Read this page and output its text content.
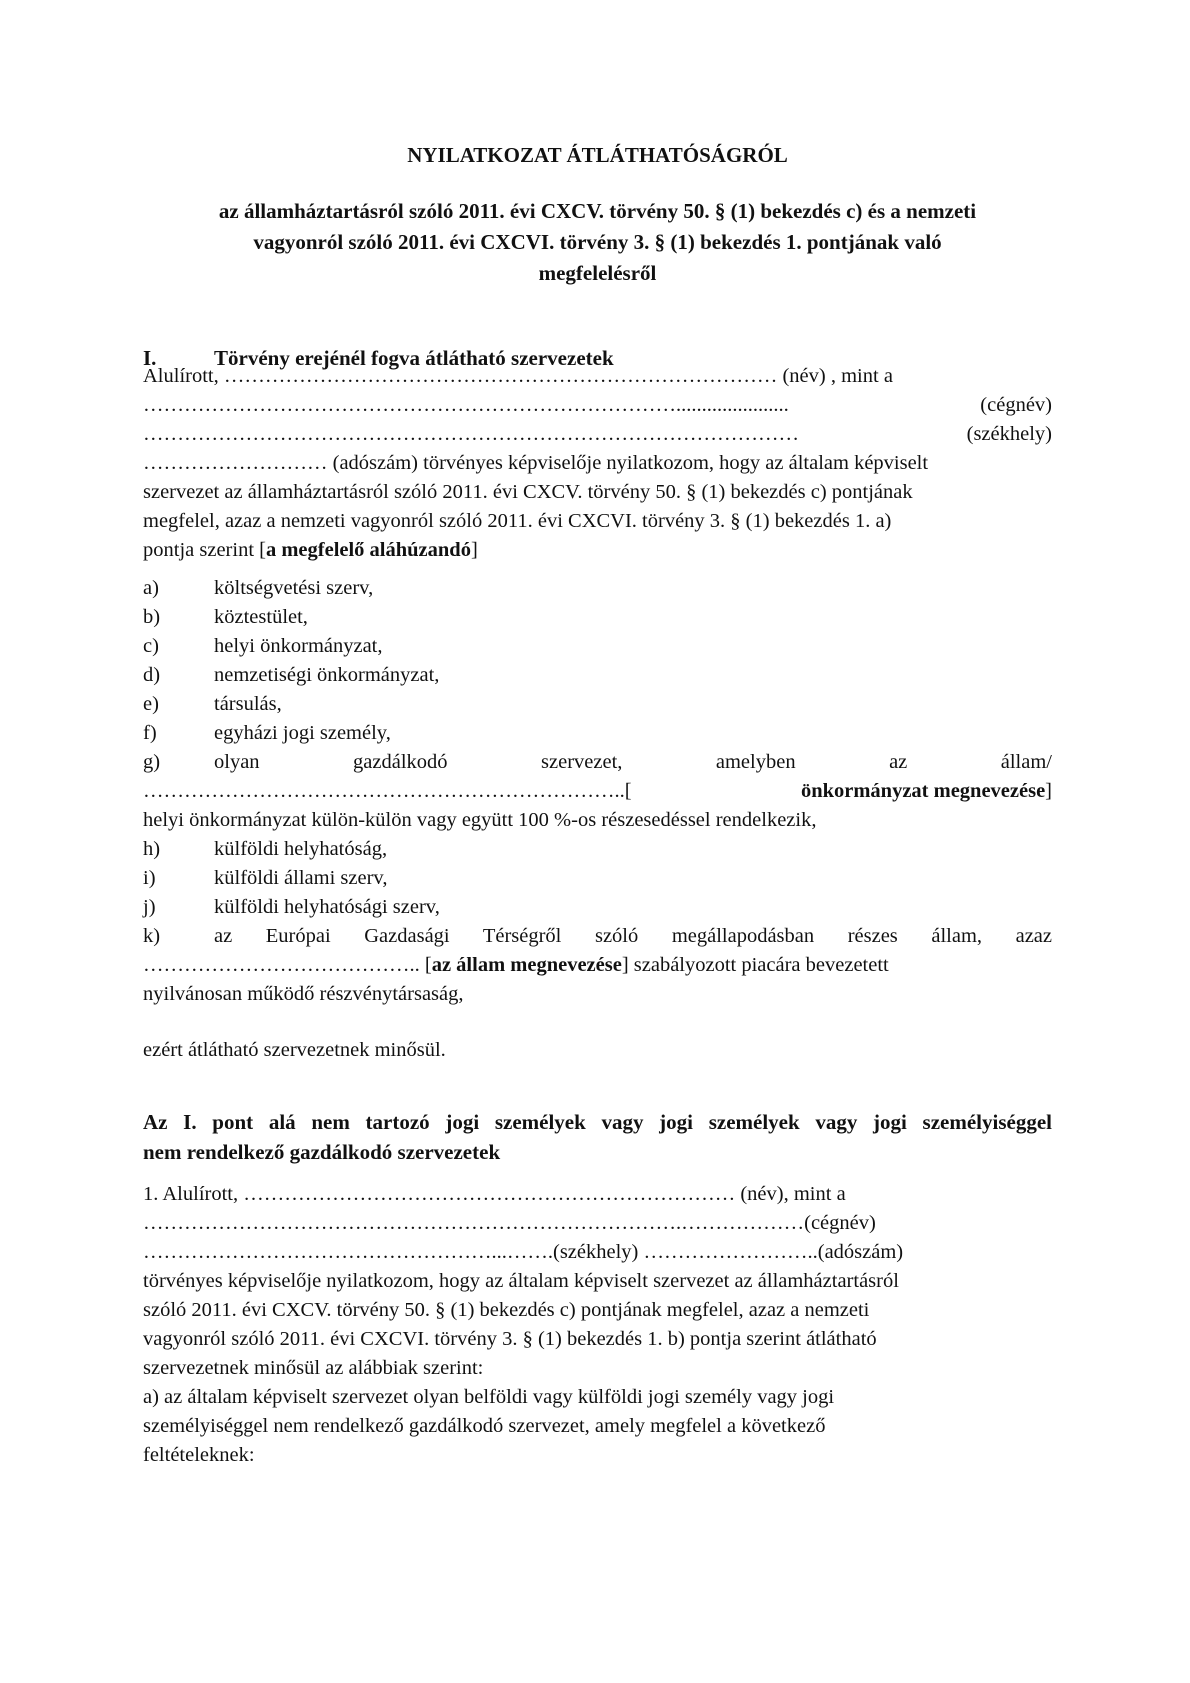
NYILATKOZAT ÁTLÁTHATÓSÁGRÓL
az államháztartásról szóló 2011. évi CXCV. törvény 50. § (1) bekezdés c) és a nemzeti
vagyonról szóló 2011. évi CXCVI. törvény 3. § (1) bekezdés 1. pontjának való
megfelelésről
I.	Törvény erejénél fogva átlátható szervezetek
Alulírott, ……………………………………………………………………… (név) , mint a
……………………………………………………………………......................	(cégnév)
……………………………………………………………………………………	(székhely)
……………………… (adószám) törvényes képviselője nyilatkozom, hogy az általam képviselt
szervezet az államháztartásról szóló 2011. évi CXCV. törvény 50. § (1) bekezdés c) pontjának
megfelel, azaz a nemzeti vagyonról szóló 2011. évi CXCVI. törvény 3. § (1) bekezdés 1. a)
pontja szerint [ a megfelelő aláhúzandó ]
a)	költségvetési szerv,
b)	köztestület,
c)	helyi önkormányzat,
d)	nemzetiségi önkormányzat,
e)	társulás,
f)	egyházi jogi személy,
g)	olyan	gazdálkodó	szervezet,	amelyben	az	állam/
……………………………………………………………..[	önkormányzat megnevezése]
helyi önkormányzat külön-külön vagy együtt 100 %-os részesedéssel rendelkezik,
h)	külföldi helyhatóság,
i)	külföldi állami szerv,
j)	külföldi helyhatósági szerv,
k)	az Európai Gazdasági Térségről szóló megállapodásban részes állam, azaz
………………………………….. [az állam megnevezése] szabályozott piacára bevezetett
nyilvánosan működő részvénytársaság,
ezért átlátható szervezetnek minősül.
Az I. pont alá nem tartozó jogi személyek vagy jogi személyek vagy jogi személyiséggel
nem rendelkező gazdálkodó szervezetek
1. Alulírott, ……………………………………………………………… (név), mint a
…………………………………………………………………….………………(cégnév)
……………………………………………...…….(székhely) ……………………..(adószám)
törvényes képviselője nyilatkozom, hogy az általam képviselt szervezet az államháztartásról
szóló 2011. évi CXCV. törvény 50. § (1) bekezdés c) pontjának megfelel, azaz a nemzeti
vagyonról szóló 2011. évi CXCVI. törvény 3. § (1) bekezdés 1. b) pontja szerint átlátható
szervezetnek minősül az alábbiak szerint:
a) az általam képviselt szervezet olyan belföldi vagy külföldi jogi személy vagy jogi
személyiséggel nem rendelkező gazdálkodó szervezet, amely megfelel a következő
feltételeknek:
